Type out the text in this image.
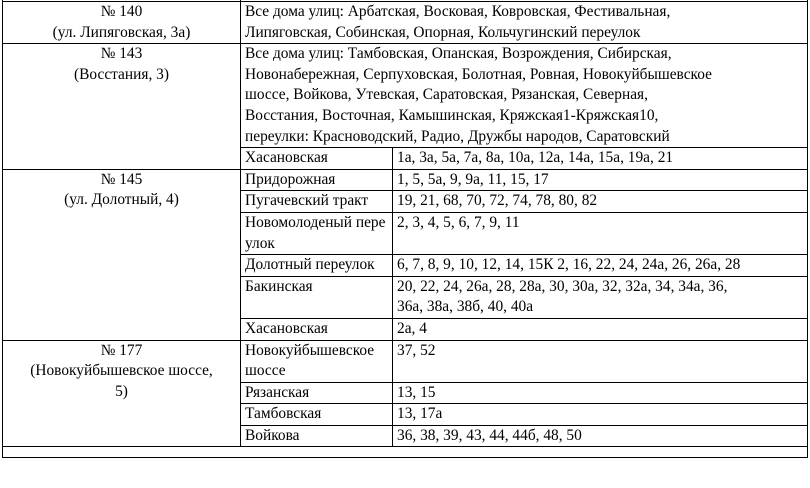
№ 140
(ул. Липяговская, 3а)	Все дома улиц: Арбатская, Восковая, Ковровская, Фестивальная,
Липяговская, Собинская, Опорная, Кольчугинский переулок	

№ 143
(Восстания, 3)	Все дома улиц: Тамбовская, Опанская, Возрождения, Сибирская,
Новонабережная, Серпуховская, Болотная, Ровная, Новокуйбышевское
шоссе, Войкова, Утевская, Саратовская, Рязанская, Северная,
Восстания, Восточная, Камышинская, Кряжская1-Кряжская10,
переулки: Красноводский, Радио, Дружбы народов, Саратовский	

	Хасановская	1а, 3а, 5а, 7а, 8а, 10а, 12а, 14а, 15а, 19а, 21

№ 145
(ул. Долотный, 4)	Придорожная	1, 5, 5а, 9, 9а, 11, 15, 17
	Пугачевский тракт	19, 21, 68, 70, 72, 74, 78, 80, 82
	Новомолоденый переулок	2, 3, 4, 5, 6, 7, 9, 11
	Долотный переулок	6, 7, 8, 9, 10, 12, 14, 15К 2, 16, 22, 24, 24а, 26, 26а, 28
	Бакинская	20, 22, 24, 26а, 28, 28а, 30, 30а, 32, 32а, 34, 34а, 36,
36а, 38а, 38б, 40, 40а

	Хасановская	2а, 4

№ 177
(Новокуйбышевское шоссе,
5)	Новокуйбышевское шоссе	37, 52
	Рязанская	13, 15
	Тамбовская	13, 17а
	Войкова	36, 38, 39, 43, 44, 44б, 48, 50
